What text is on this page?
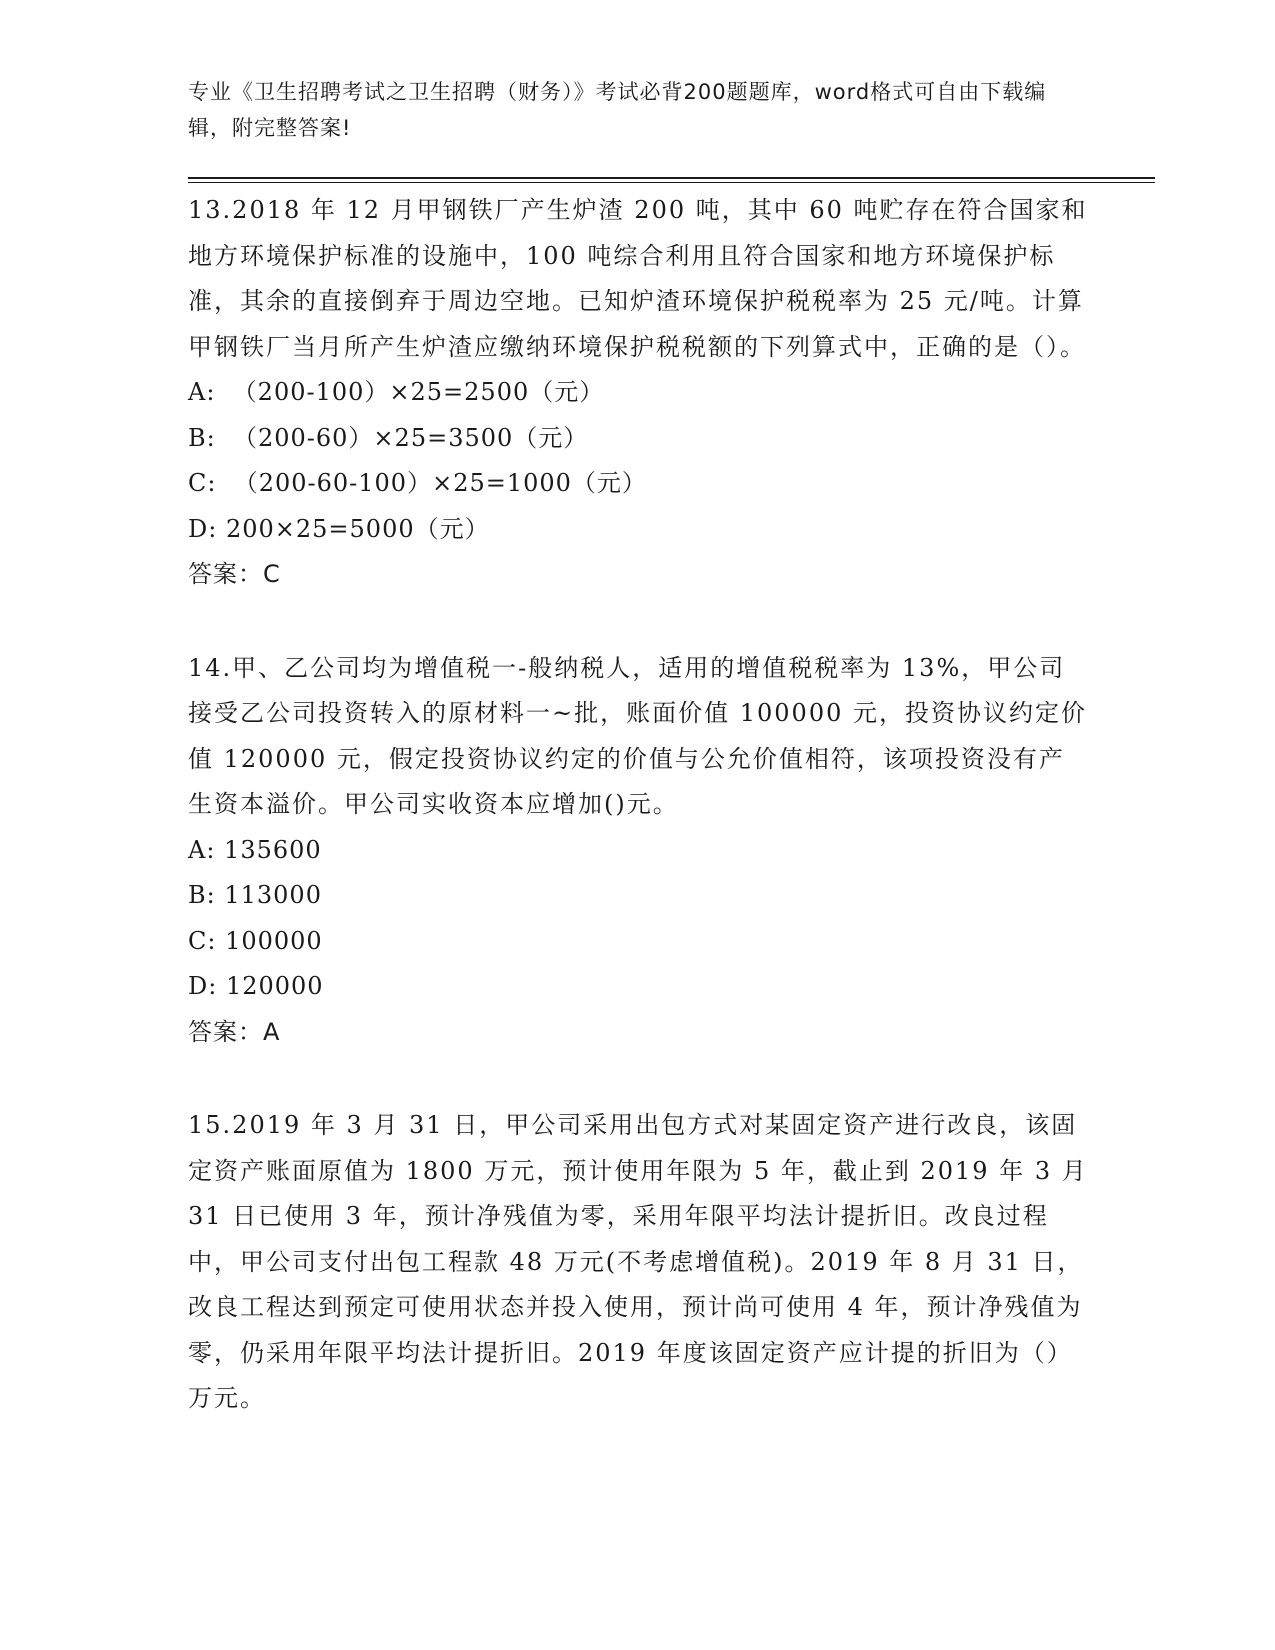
专业《卫生招聘考试之卫生招聘（财务）》考试必背200题题库，word格式可自由下载编辑，附完整答案!

13.2018 年 12 月甲钢铁厂产生炉渣 200 吨，其中 60 吨贮存在符合国家和地方环境保护标准的设施中，100 吨综合利用且符合国家和地方环境保护标准，其余的直接倒弃于周边空地。已知炉渣环境保护税税率为 25 元/吨。计算甲钢铁厂当月所产生炉渣应缴纳环境保护税税额的下列算式中，正确的是（）。

A:  （200-100）×25=2500（元）

B:  （200-60）×25=3500（元）

C:  （200-60-100）×25=1000（元）

D: 200×25=5000（元）

答案：C

14.甲、乙公司均为增值税一-般纳税人，适用的增值税税率为 13%，甲公司接受乙公司投资转入的原材料一~批，账面价值 100000 元，投资协议约定价值 120000 元，假定投资协议约定的价值与公允价值相符，该项投资没有产生资本溢价。甲公司实收资本应增加()元。

A: 135600

B: 113000

C: 100000

D: 120000

答案：A

15.2019 年 3 月 31 日，甲公司采用出包方式对某固定资产进行改良，该固定资产账面原值为 1800 万元，预计使用年限为 5 年，截止到 2019 年 3 月 31 日已使用 3 年，预计净残值为零，采用年限平均法计提折旧。改良过程中，甲公司支付出包工程款 48 万元(不考虑增值税)。2019 年 8 月 31 日，改良工程达到预定可使用状态并投入使用，预计尚可使用 4 年，预计净残值为零，仍采用年限平均法计提折旧。2019 年度该固定资产应计提的折旧为（）万元。
